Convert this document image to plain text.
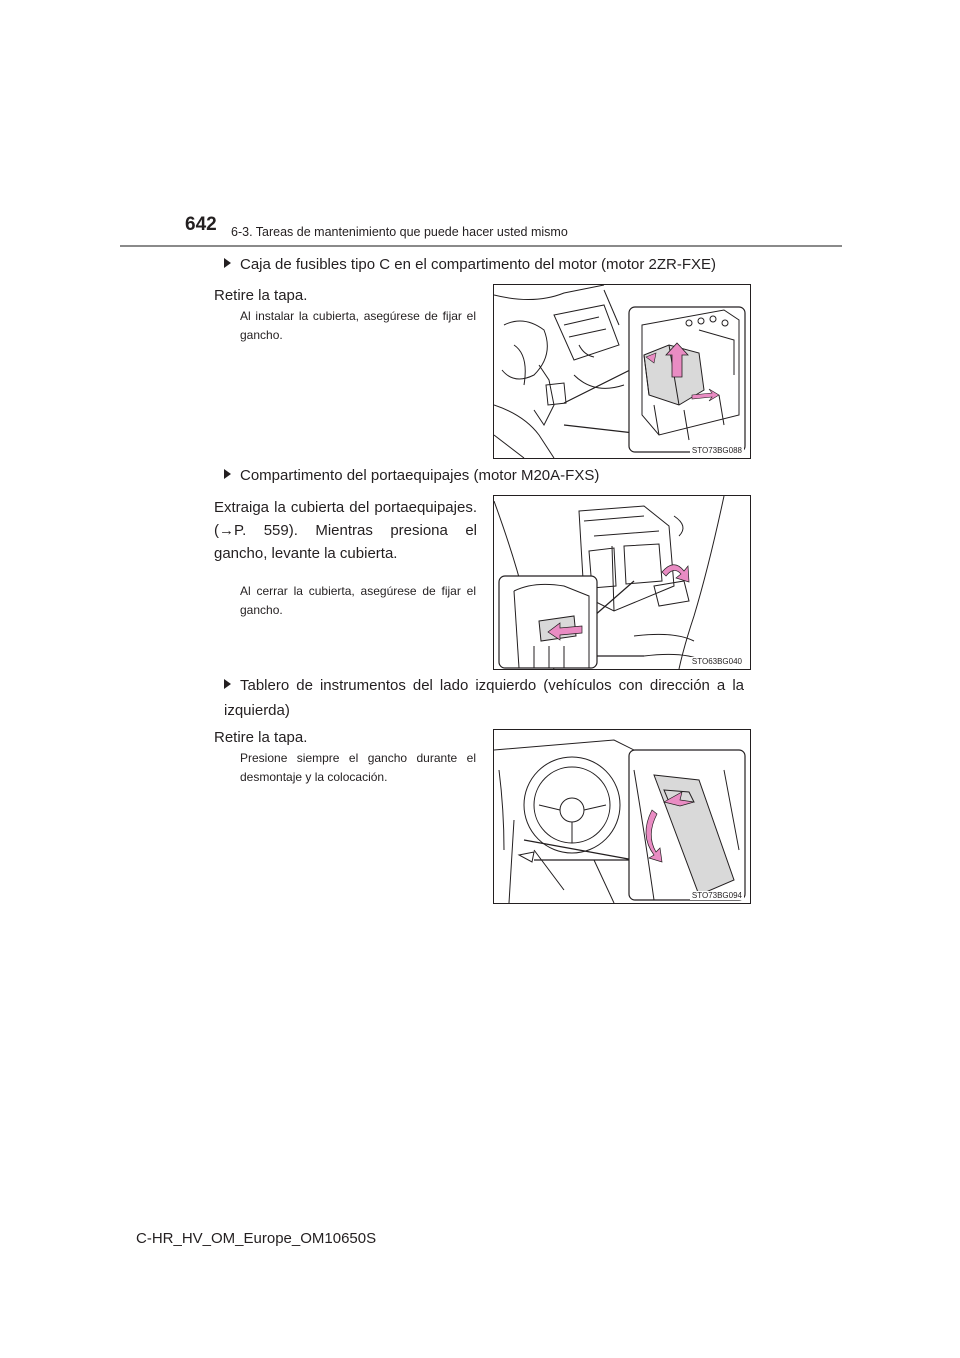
642 6-3. Tareas de mantenimiento que puede hacer usted mismo
Caja de fusibles tipo C en el compartimento del motor (motor 2ZR-FXE)
Retire la tapa.
Al instalar la cubierta, asegúrese de fijar el gancho.
STO73BG088
Compartimento del portaequipajes (motor M20A-FXS)
Extraiga la cubierta del portaequipajes. (→P. 559). Mientras presiona el gancho, levante la cubierta.
Al cerrar la cubierta, asegúrese de fijar el gancho.
STO63BG040
Tablero de instrumentos del lado izquierdo (vehículos con dirección a la izquierda)
Retire la tapa.
Presione siempre el gancho durante el desmontaje y la colocación.
STO73BG094
C-HR_HV_OM_Europe_OM10650S
